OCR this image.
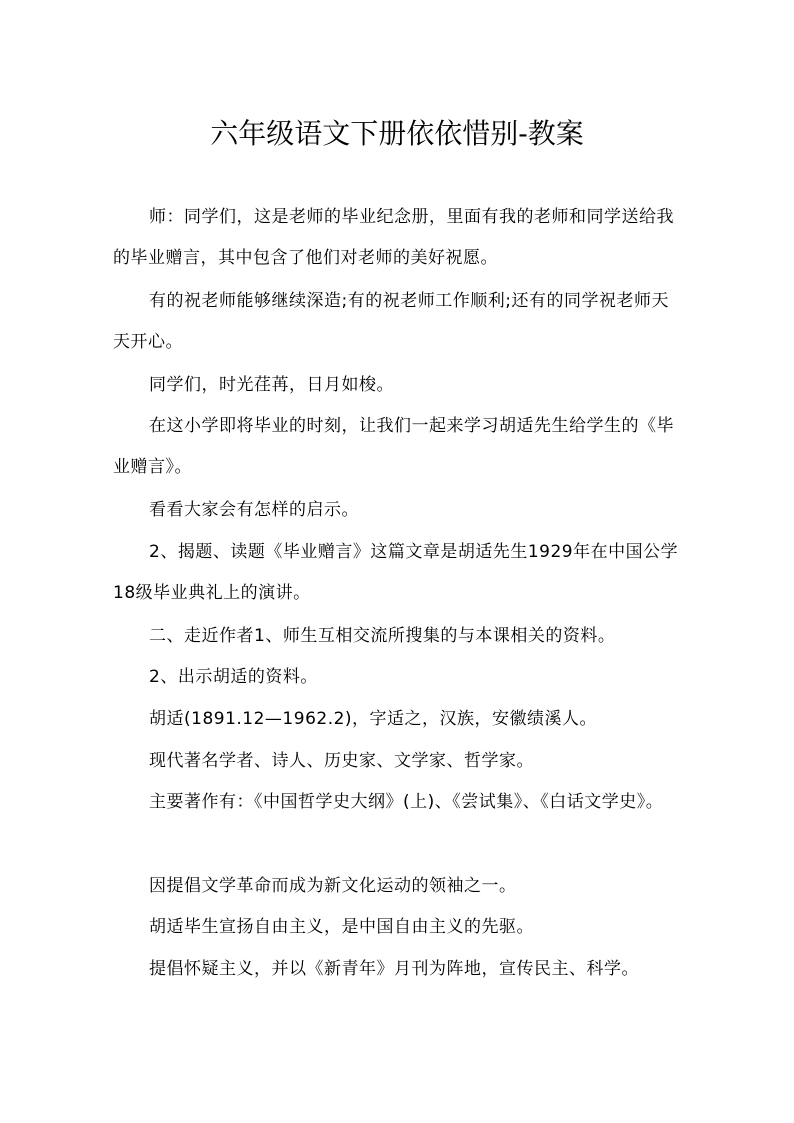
六年级语文下册依依惜别-教案

师：同学们，这是老师的毕业纪念册，里面有我的老师和同学送给我的毕业赠言，其中包含了他们对老师的美好祝愿。

有的祝老师能够继续深造;有的祝老师工作顺利;还有的同学祝老师天天开心。

同学们，时光荏苒，日月如梭。

在这小学即将毕业的时刻，让我们一起来学习胡适先生给学生的《毕业赠言》。

看看大家会有怎样的启示。

2、揭题、读题《毕业赠言》这篇文章是胡适先生1929年在中国公学18级毕业典礼上的演讲。

二、走近作者1、师生互相交流所搜集的与本课相关的资料。

2、出示胡适的资料。

胡适(1891.12—1962.2)，字适之，汉族，安徽绩溪人。

现代著名学者、诗人、历史家、文学家、哲学家。

主要著作有：《中国哲学史大纲》(上)、《尝试集》、《白话文学史》。

因提倡文学革命而成为新文化运动的领袖之一。

胡适毕生宣扬自由主义，是中国自由主义的先驱。

提倡怀疑主义，并以《新青年》月刊为阵地，宣传民主、科学。
